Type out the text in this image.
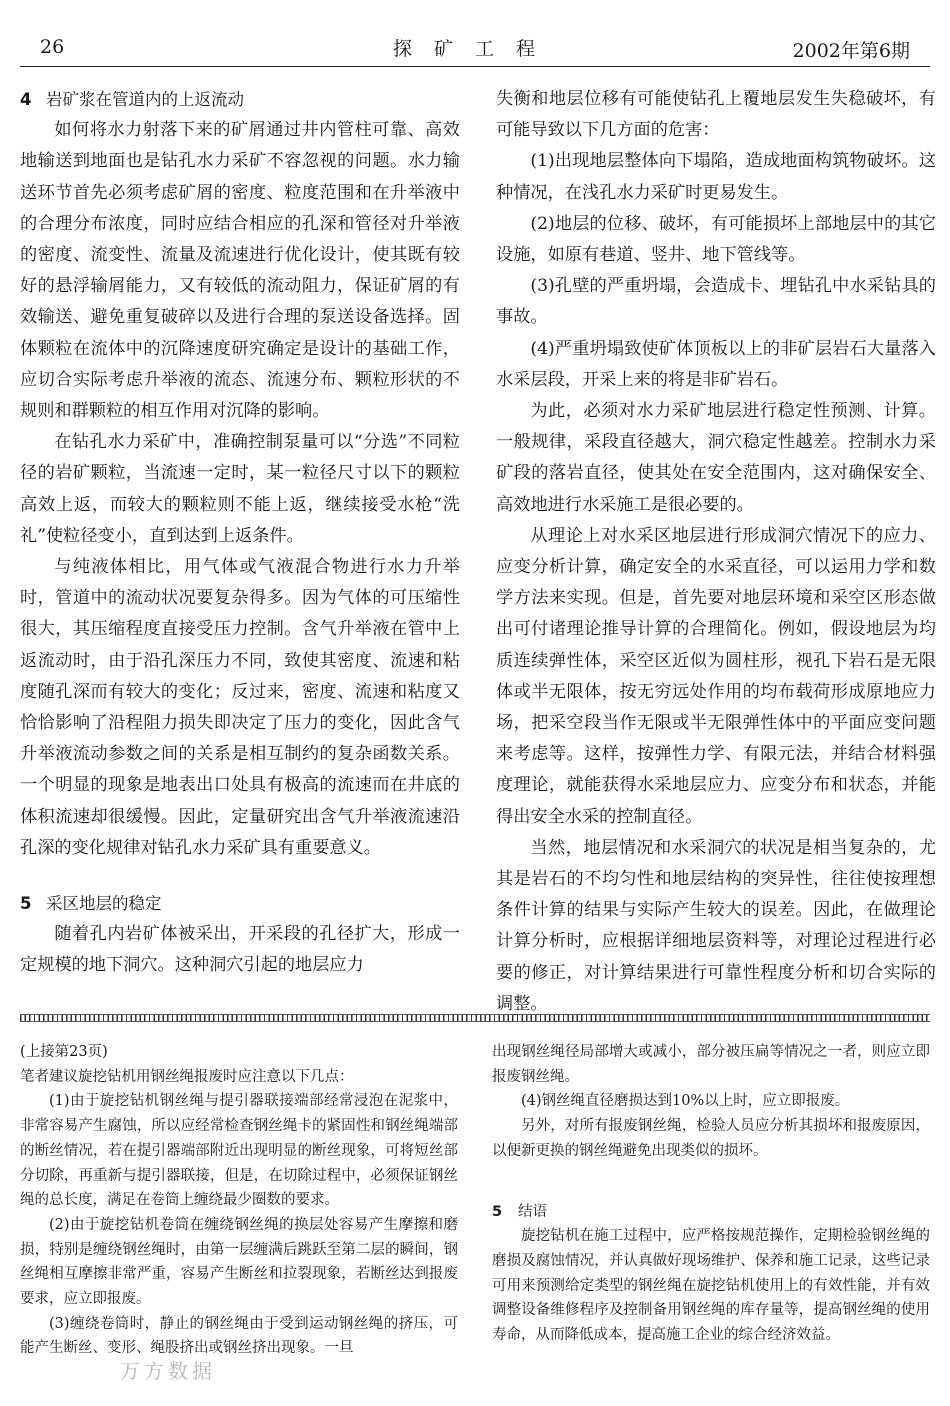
26	探矿工程	2002年第6期
4 岩矿浆在管道内的上返流动

如何将水力射落下来的矿屑通过井内管柱可靠、高效地输送到地面也是钻孔水力采矿不容忽视的问题。水力输送环节首先必须考虑矿屑的密度、粒度范围和在升举液中的合理分布浓度，同时应结合相应的孔深和管径对升举液的密度、流变性、流量及流速进行优化设计，使其既有较好的悬浮输屑能力，又有较低的流动阻力，保证矿屑的有效输送、避免重复破碎以及进行合理的泵送设备选择。固体颗粒在流体中的沉降速度研究确定是设计的基础工作，应切合实际考虑升举液的流态、流速分布、颗粒形状的不规则和群颗粒的相互作用对沉降的影响。

在钻孔水力采矿中，准确控制泵量可以“分选”不同粒径的岩矿颗粒，当流速一定时，某一粒径尺寸以下的颗粒高效上返，而较大的颗粒则不能上返，继续接受水枪“洗礼”使粒径变小，直到达到上返条件。

与纯液体相比，用气体或气液混合物进行水力升举时，管道中的流动状况要复杂得多。因为气体的可压缩性很大，其压缩程度直接受压力控制。含气升举液在管中上返流动时，由于沿孔深压力不同，致使其密度、流速和粘度随孔深而有较大的变化；反过来，密度、流速和粘度又恰恰影响了沿程阻力损失即决定了压力的变化，因此含气升举液流动参数之间的关系是相互制约的复杂函数关系。一个明显的现象是地表出口处具有极高的流速而在井底的体积流速却很缓慢。因此，定量研究出含气升举液流速沿孔深的变化规律对钻孔水力采矿具有重要意义。

5 采区地层的稳定

随着孔内岩矿体被采出，开采段的孔径扩大，形成一定规模的地下洞穴。这种洞穴引起的地层应力

失衡和地层位移有可能使钻孔上覆地层发生失稳破坏，有可能导致以下几方面的危害：

(1)出现地层整体向下塌陷，造成地面构筑物破坏。这种情况，在浅孔水力采矿时更易发生。

(2)地层的位移、破坏，有可能损坏上部地层中的其它设施，如原有巷道、竖井、地下管线等。

(3)孔壁的严重坍塌，会造成卡、埋钻孔中水采钻具的事故。

(4)严重坍塌致使矿体顶板以上的非矿层岩石大量落入水采层段，开采上来的将是非矿岩石。

为此，必须对水力采矿地层进行稳定性预测、计算。一般规律，采段直径越大，洞穴稳定性越差。控制水力采矿段的落岩直径，使其处在安全范围内，这对确保安全、高效地进行水采施工是很必要的。

从理论上对水采区地层进行形成洞穴情况下的应力、应变分析计算，确定安全的水采直径，可以运用力学和数学方法来实现。但是，首先要对地层环境和采空区形态做出可付诸理论推导计算的合理简化。例如，假设地层为均质连续弹性体，采空区近似为圆柱形，视孔下岩石是无限体或半无限体，按无穷远处作用的均布载荷形成原地应力场，把采空段当作无限或半无限弹性体中的平面应变问题来考虑等。这样，按弹性力学、有限元法，并结合材料强度理论，就能获得水采地层应力、应变分布和状态，并能得出安全水采的控制直径。

当然，地层情况和水采洞穴的状况是相当复杂的，尤其是岩石的不均匀性和地层结构的突异性，往往使按理想条件计算的结果与实际产生较大的误差。因此，在做理论计算分析时，应根据详细地层资料等，对理论过程进行必要的修正，对计算结果进行可靠性程度分析和切合实际的调整。

(上接第23页)

笔者建议旋挖钻机用钢丝绳报废时应注意以下几点：

(1)由于旋挖钻机钢丝绳与提引器联接端部经常浸泡在泥浆中，非常容易产生腐蚀，所以应经常检查钢丝绳卡的紧固性和钢丝绳端部的断丝情况，若在提引器端部附近出现明显的断丝现象，可将短丝部分切除，再重新与提引器联接，但是，在切除过程中，必须保证钢丝绳的总长度，满足在卷筒上缠绕最少圈数的要求。

(2)由于旋挖钻机卷筒在缠绕钢丝绳的换层处容易产生摩擦和磨损，特别是缠绕钢丝绳时，由第一层缠满后跳跃至第二层的瞬间，钢丝绳相互摩擦非常严重，容易产生断丝和拉裂现象，若断丝达到报废要求，应立即报废。

(3)缠绕卷筒时，静止的钢丝绳由于受到运动钢丝绳的挤压，可能产生断丝、变形、绳股挤出或钢丝挤出现象。一旦

出现钢丝绳径局部增大或减小，部分被压扁等情况之一者，则应立即报废钢丝绳。

(4)钢丝绳直径磨损达到10%以上时，应立即报废。

另外，对所有报废钢丝绳，检验人员应分析其损坏和报废原因，以便新更换的钢丝绳避免出现类似的损坏。

5 结语

旋挖钻机在施工过程中，应严格按规范操作，定期检验钢丝绳的磨损及腐蚀情况，并认真做好现场维护、保养和施工记录，这些记录可用来预测给定类型的钢丝绳在旋挖钻机使用上的有效性能，并有效调整设备维修程序及控制备用钢丝绳的库存量等，提高钢丝绳的使用寿命，从而降低成本，提高施工企业的综合经济效益。

万方数据
